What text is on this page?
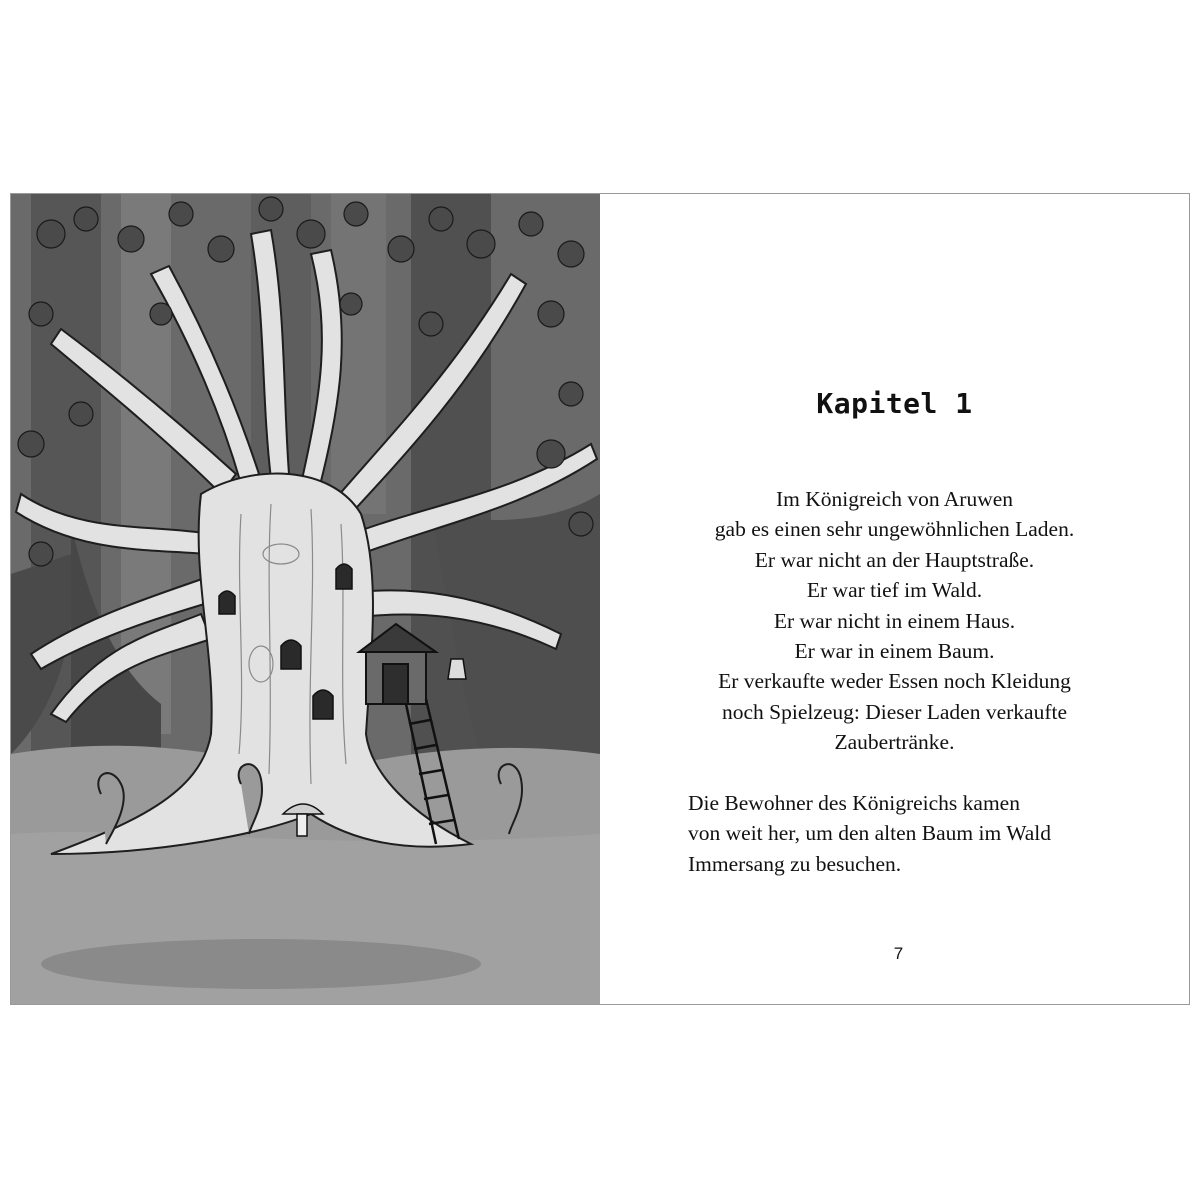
Kapitel 1
Im Königreich von Aruwen
gab es einen sehr ungewöhnlichen Laden.
Er war nicht an der Hauptstraße.
Er war tief im Wald.
Er war nicht in einem Haus.
Er war in einem Baum.
Er verkaufte weder Essen noch Kleidung
noch Spielzeug: Dieser Laden verkaufte
Zaubertränke.
Die Bewohner des Königreichs kamen
von weit her, um den alten Baum im Wald
Immersang zu besuchen.
7
